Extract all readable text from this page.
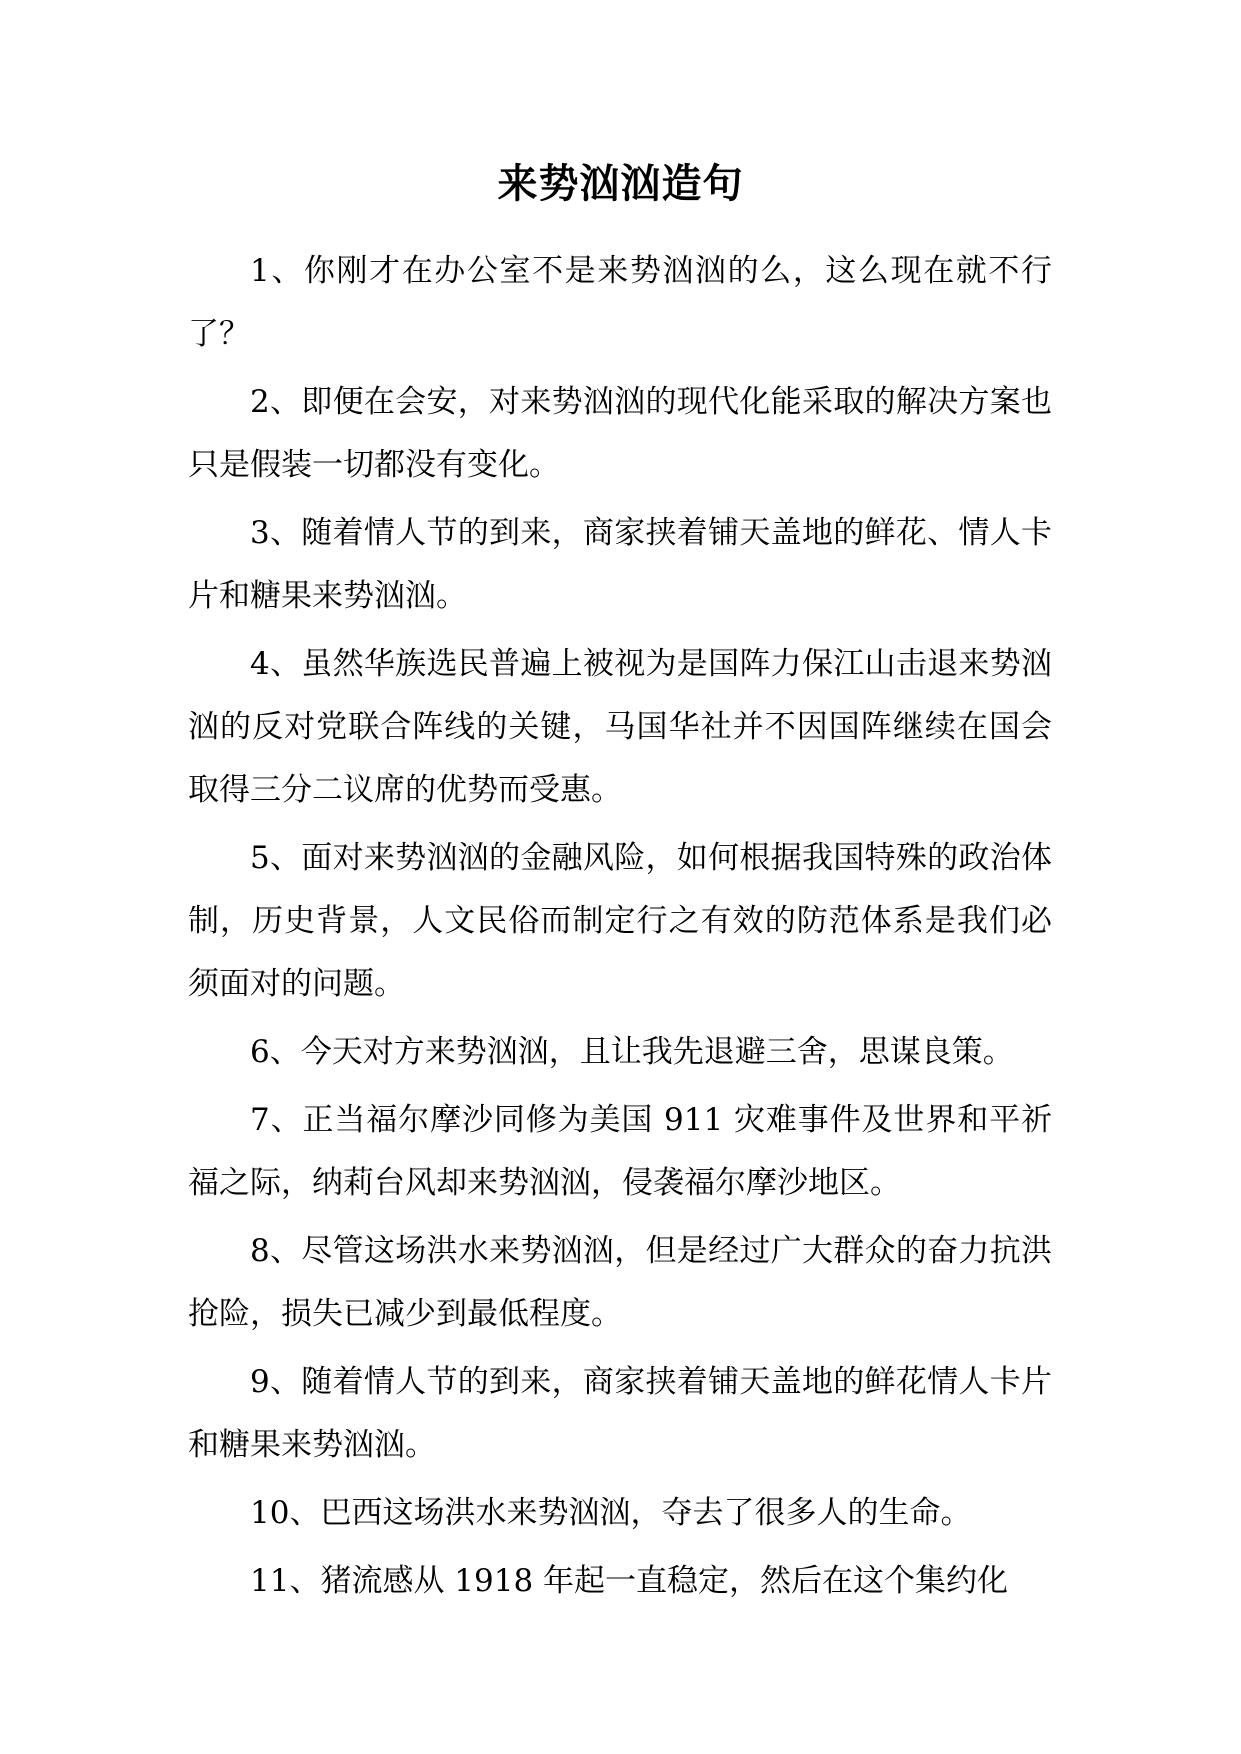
来势汹汹造句

1、你刚才在办公室不是来势汹汹的么，这么现在就不行了？

2、即便在会安，对来势汹汹的现代化能采取的解决方案也只是假装一切都没有变化。

3、随着情人节的到来，商家挟着铺天盖地的鲜花、情人卡片和糖果来势汹汹。

4、虽然华族选民普遍上被视为是国阵力保江山击退来势汹汹的反对党联合阵线的关键，马国华社并不因国阵继续在国会取得三分二议席的优势而受惠。

5、面对来势汹汹的金融风险，如何根据我国特殊的政治体制，历史背景，人文民俗而制定行之有效的防范体系是我们必须面对的问题。

6、今天对方来势汹汹，且让我先退避三舍，思谋良策。

7、正当福尔摩沙同修为美国 911 灾难事件及世界和平祈福之际，纳莉台风却来势汹汹，侵袭福尔摩沙地区。

8、尽管这场洪水来势汹汹，但是经过广大群众的奋力抗洪抢险，损失已减少到最低程度。

9、随着情人节的到来，商家挟着铺天盖地的鲜花情人卡片和糖果来势汹汹。

10、巴西这场洪水来势汹汹，夺去了很多人的生命。

11、猪流感从 1918 年起一直稳定，然后在这个集约化
